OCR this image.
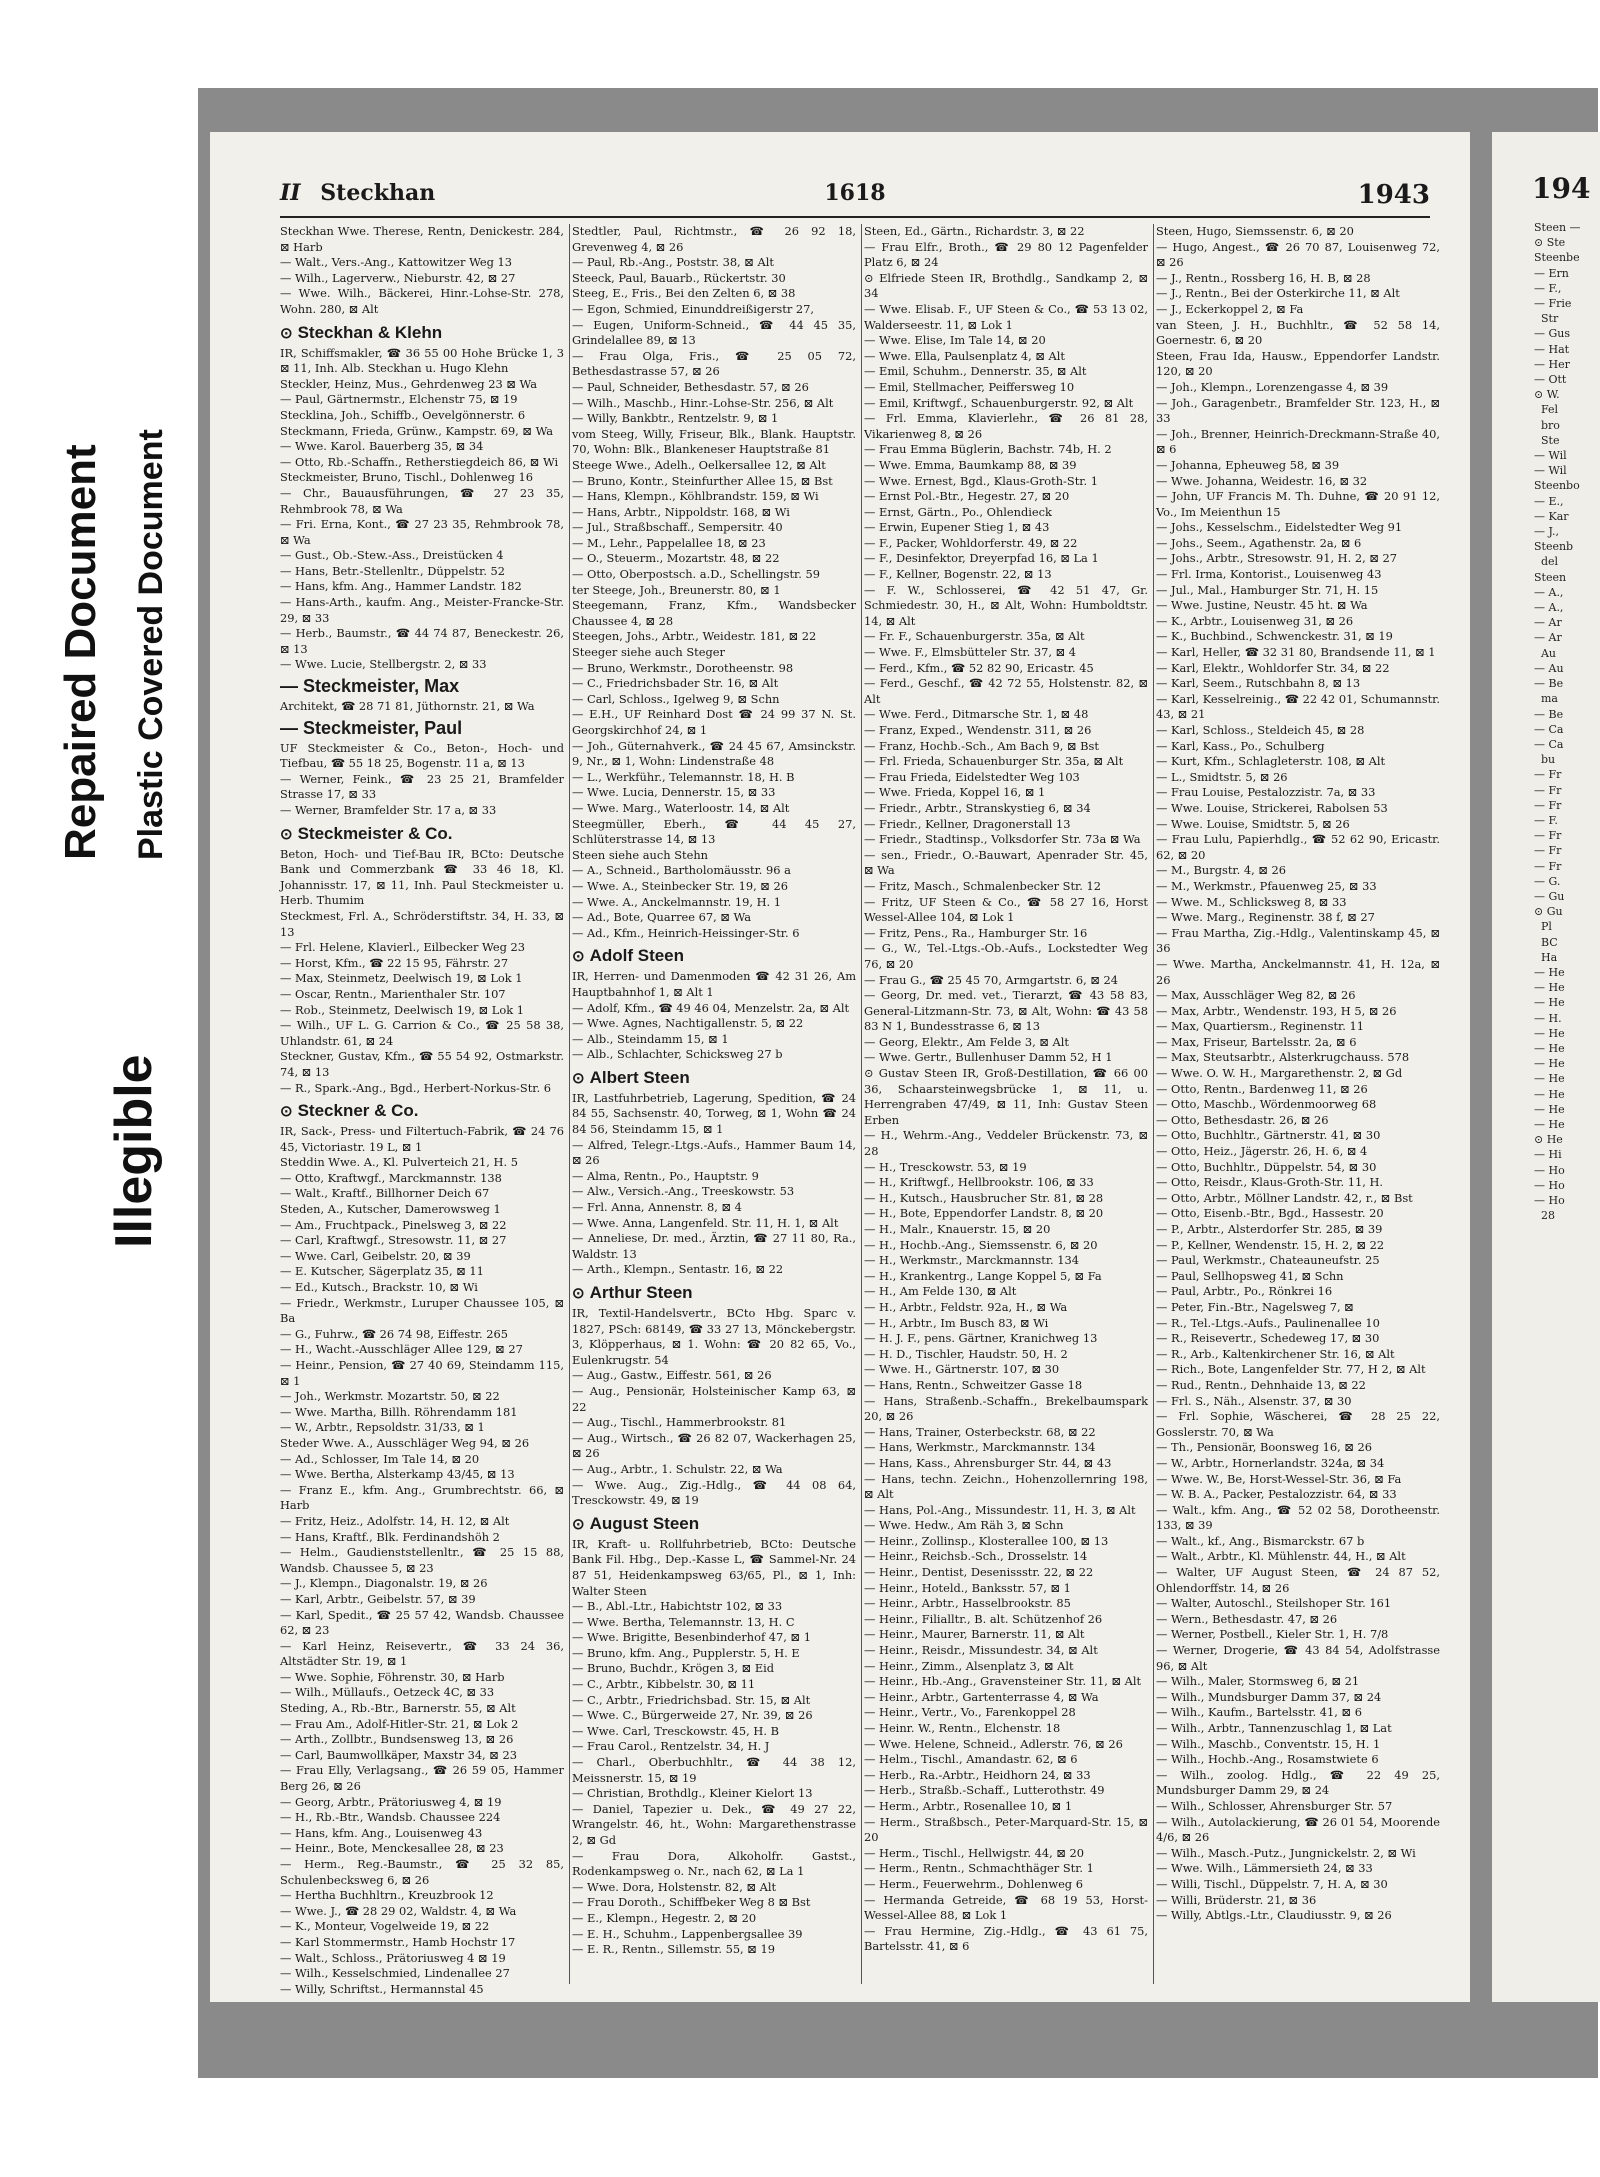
Repaired Document Plastic Covered Document
Illegible
II Steckhan	1618	1943

Steckhan Wwe. Therese, Rentn, Denickestr. 284, ⊠ Harb

— Walt., Vers.-Ang., Kattowitzer Weg 13

— Wilh., Lagerverw., Nieburstr. 42, ⊠ 27

— Wwe. Wilh., Bäckerei, Hinr.-Lohse-Str. 278, Wohn. 280, ⊠ Alt

⊙ Steckhan & Klehn

IR, Schiffsmakler, ☎ 36 55 00 Hohe Brücke 1, 3 ⊠ 11, Inh. Alb. Steckhan u. Hugo Klehn

Steckler, Heinz, Mus., Gehrdenweg 23 ⊠ Wa

— Paul, Gärtnermstr., Elchenstr 75, ⊠ 19

Stecklina, Joh., Schiffb., Oevelgönnerstr. 6

Steckmann, Frieda, Grünw., Kampstr. 69, ⊠ Wa

— Wwe. Karol. Bauerberg 35, ⊠ 34

— Otto, Rb.-Schaffn., Retherstiegdeich 86, ⊠ Wi

Steckmeister, Bruno, Tischl., Dohlenweg 16

— Chr., Bauausführungen, ☎ 27 23 35, Rehmbrook 78, ⊠ Wa

— Fri. Erna, Kont., ☎ 27 23 35, Rehmbrook 78, ⊠ Wa

— Gust., Ob.-Stew.-Ass., Dreistücken 4

— Hans, Betr.-Stellenltr., Düppelstr. 52

— Hans, kfm. Ang., Hammer Landstr. 182

— Hans-Arth., kaufm. Ang., Meister-Francke-Str. 29, ⊠ 33

— Herb., Baumstr., ☎ 44 74 87, Beneckestr. 26, ⊠ 13

— Wwe. Lucie, Stellbergstr. 2, ⊠ 33

— Steckmeister, Max

Architekt, ☎ 28 71 81, Jüthornstr. 21, ⊠ Wa

— Steckmeister, Paul

UF Steckmeister & Co., Beton-, Hoch- und Tiefbau, ☎ 55 18 25, Bogenstr. 11 a, ⊠ 13

— Werner, Feink., ☎ 23 25 21, Bramfelder Strasse 17, ⊠ 33

— Werner, Bramfelder Str. 17 a, ⊠ 33

⊙ Steckmeister & Co.

Beton, Hoch- und Tief-Bau IR, BCto: Deutsche Bank und Commerzbank ☎ 33 46 18, Kl. Johannisstr. 17, ⊠ 11, Inh. Paul Steckmeister u. Herb. Thumim

Steckmest, Frl. A., Schröderstiftstr. 34, H. 33, ⊠ 13

— Frl. Helene, Klavierl., Eilbecker Weg 23

— Horst, Kfm., ☎ 22 15 95, Fährstr. 27

— Max, Steinmetz, Deelwisch 19, ⊠ Lok 1

— Oscar, Rentn., Marienthaler Str. 107

— Rob., Steinmetz, Deelwisch 19, ⊠ Lok 1

— Wilh., UF L. G. Carrion & Co., ☎ 25 58 38, Uhlandstr. 61, ⊠ 24

Steckner, Gustav, Kfm., ☎ 55 54 92, Ostmarkstr. 74, ⊠ 13

— R., Spark.-Ang., Bgd., Herbert-Norkus-Str. 6

⊙ Steckner & Co.

IR, Sack-, Press- und Filtertuch-Fabrik, ☎ 24 76 45, Victoriastr. 19 L, ⊠ 1

Steddin Wwe. A., Kl. Pulverteich 21, H. 5

— Otto, Kraftwgf., Marckmannstr. 138

— Walt., Kraftf., Billhorner Deich 67

Steden, A., Kutscher, Damerowsweg 1

— Am., Fruchtpack., Pinelsweg 3, ⊠ 22

— Carl, Kraftwgf., Stresowstr. 11, ⊠ 27

— Wwe. Carl, Geibelstr. 20, ⊠ 39

— E. Kutscher, Sägerplatz 35, ⊠ 11

— Ed., Kutsch., Brackstr. 10, ⊠ Wi

— Friedr., Werkmstr., Luruper Chaussee 105, ⊠ Ba

— G., Fuhrw., ☎ 26 74 98, Eiffestr. 265

— H., Wacht.-Ausschläger Allee 129, ⊠ 27

— Heinr., Pension, ☎ 27 40 69, Steindamm 115, ⊠ 1

— Joh., Werkmstr. Mozartstr. 50, ⊠ 22

— Wwe. Martha, Billh. Röhrendamm 181

— W., Arbtr., Repsoldstr. 31/33, ⊠ 1

Steder Wwe. A., Ausschläger Weg 94, ⊠ 26

— Ad., Schlosser, Im Tale 14, ⊠ 20

— Wwe. Bertha, Alsterkamp 43/45, ⊠ 13

— Franz E., kfm. Ang., Grumbrechtstr. 66, ⊠ Harb

— Fritz, Heiz., Adolfstr. 14, H. 12, ⊠ Alt

— Hans, Kraftf., Blk. Ferdinandshöh 2

— Helm., Gaudienststellenltr., ☎ 25 15 88, Wandsb. Chaussee 5, ⊠ 23

— J., Klempn., Diagonalstr. 19, ⊠ 26

— Karl, Arbtr., Geibelstr. 57, ⊠ 39

— Karl, Spedit., ☎ 25 57 42, Wandsb. Chaussee 62, ⊠ 23

— Karl Heinz, Reisevertr., ☎ 33 24 36, Altstädter Str. 19, ⊠ 1

— Wwe. Sophie, Föhrenstr. 30, ⊠ Harb

— Wilh., Müllaufs., Oetzeck 4C, ⊠ 33

Steding, A., Rb.-Btr., Barnerstr. 55, ⊠ Alt

— Frau Am., Adolf-Hitler-Str. 21, ⊠ Lok 2

— Arth., Zollbtr., Bundsensweg 13, ⊠ 26

— Carl, Baumwollkäper, Maxstr 34, ⊠ 23

— Frau Elly, Verlagsang., ☎ 26 59 05, Hammer Berg 26, ⊠ 26

— Georg, Arbtr., Prätoriusweg 4, ⊠ 19

— H., Rb.-Btr., Wandsb. Chaussee 224

— Hans, kfm. Ang., Louisenweg 43

— Heinr., Bote, Menckesallee 28, ⊠ 23

— Herm., Reg.-Baumstr., ☎ 25 32 85, Schulenbecksweg 6, ⊠ 26

— Hertha Buchhltrn., Kreuzbrook 12

— Wwe. J., ☎ 28 29 02, Waldstr. 4, ⊠ Wa

— K., Monteur, Vogelweide 19, ⊠ 22

— Karl Stommermstr., Hamb Hochstr 17

— Walt., Schloss., Prätoriusweg 4 ⊠ 19

— Wilh., Kesselschmied, Lindenallee 27

— Willy, Schriftst., Hermannstal 45

Stedtler, Paul, Richtmstr., ☎ 26 92 18, Grevenweg 4, ⊠ 26

— Paul, Rb.-Ang., Poststr. 38, ⊠ Alt

Steeck, Paul, Bauarb., Rückertstr. 30

Steeg, E., Fris., Bei den Zelten 6, ⊠ 38

— Egon, Schmied, Einunddreißigerstr 27,

— Eugen, Uniform-Schneid., ☎ 44 45 35, Grindelallee 89, ⊠ 13

— Frau Olga, Fris., ☎ 25 05 72, Bethesdastrasse 57, ⊠ 26

— Paul, Schneider, Bethesdastr. 57, ⊠ 26

— Wilh., Maschb., Hinr.-Lohse-Str. 256, ⊠ Alt

— Willy, Bankbtr., Rentzelstr. 9, ⊠ 1

vom Steeg, Willy, Friseur, Blk., Blank. Hauptstr. 70, Wohn: Blk., Blankeneser Hauptstraße 81

Steege Wwe., Adelh., Oelkersallee 12, ⊠ Alt

— Bruno, Kontr., Steinfurther Allee 15, ⊠ Bst

— Hans, Klempn., Köhlbrandstr. 159, ⊠ Wi

— Hans, Arbtr., Nippoldstr. 168, ⊠ Wi

— Jul., Straßbschaff., Sempersitr. 40

— M., Lehr., Pappelallee 18, ⊠ 23

— O., Steuerm., Mozartstr. 48, ⊠ 22

— Otto, Oberpostsch. a.D., Schellingstr. 59

ter Steege, Joh., Breunerstr. 80, ⊠ 1

Steegemann, Franz, Kfm., Wandsbecker Chaussee 4, ⊠ 28

Steegen, Johs., Arbtr., Weidestr. 181, ⊠ 22

Steeger siehe auch Steger

— Bruno, Werkmstr., Dorotheenstr. 98

— C., Friedrichsbader Str. 16, ⊠ Alt

— Carl, Schloss., Igelweg 9, ⊠ Schn

— E.H., UF Reinhard Dost ☎ 24 99 37 N. St. Georgskirchhof 24, ⊠ 1

— Joh., Güternahverk., ☎ 24 45 67, Amsinckstr. 9, Nr., ⊠ 1, Wohn: Lindenstraße 48

— L., Werkführ., Telemannstr. 18, H. B

— Wwe. Lucia, Dennerstr. 15, ⊠ 33

— Wwe. Marg., Waterloostr. 14, ⊠ Alt

Steegmüller, Eberh., ☎ 44 45 27, Schlüterstrasse 14, ⊠ 13

Steen siehe auch Stehn

— A., Schneid., Bartholomäusstr. 96 a

— Wwe. A., Steinbecker Str. 19, ⊠ 26

— Wwe. A., Anckelmannstr. 19, H. 1

— Ad., Bote, Quarree 67, ⊠ Wa

— Ad., Kfm., Heinrich-Heissinger-Str. 6

⊙ Adolf Steen

IR, Herren- und Damenmoden ☎ 42 31 26, Am Hauptbahnhof 1, ⊠ Alt 1

— Adolf, Kfm., ☎ 49 46 04, Menzelstr. 2a, ⊠ Alt

— Wwe. Agnes, Nachtigallenstr. 5, ⊠ 22

— Alb., Steindamm 15, ⊠ 1

— Alb., Schlachter, Schicksweg 27 b

⊙ Albert Steen

IR, Lastfuhrbetrieb, Lagerung, Spedition, ☎ 24 84 55, Sachsenstr. 40, Torweg, ⊠ 1, Wohn ☎ 24 84 56, Steindamm 15, ⊠ 1

— Alfred, Telegr.-Ltgs.-Aufs., Hammer Baum 14, ⊠ 26

— Alma, Rentn., Po., Hauptstr. 9

— Alw., Versich.-Ang., Treeskowstr. 53

— Frl. Anna, Annenstr. 8, ⊠ 4

— Wwe. Anna, Langenfeld. Str. 11, H. 1, ⊠ Alt

— Anneliese, Dr. med., Ärztin, ☎ 27 11 80, Ra., Waldstr. 13

— Arth., Klempn., Sentastr. 16, ⊠ 22

⊙ Arthur Steen

IR, Textil-Handelsvertr., BCto Hbg. Sparc v. 1827, PSch: 68149, ☎ 33 27 13, Mönckebergstr. 3, Klöpperhaus, ⊠ 1. Wohn: ☎ 20 82 65, Vo., Eulenkrugstr. 54

— Aug., Gastw., Eiffestr. 561, ⊠ 26

— Aug., Pensionär, Holsteinischer Kamp 63, ⊠ 22

— Aug., Tischl., Hammerbrookstr. 81

— Aug., Wirtsch., ☎ 26 82 07, Wackerhagen 25, ⊠ 26

— Aug., Arbtr., 1. Schulstr. 22, ⊠ Wa

— Wwe. Aug., Zig.-Hdlg., ☎ 44 08 64, Tresckowstr. 49, ⊠ 19

⊙ August Steen

IR, Kraft- u. Rollfuhrbetrieb, BCto: Deutsche Bank Fil. Hbg., Dep.-Kasse L, ☎ Sammel-Nr. 24 87 51, Heidenkampsweg 63/65, Pl., ⊠ 1, Inh: Walter Steen

— B., Abl.-Ltr., Habichtstr 102, ⊠ 33

— Wwe. Bertha, Telemannstr. 13, H. C

— Wwe. Brigitte, Besenbinderhof 47, ⊠ 1

— Bruno, kfm. Ang., Pupplerstr. 5, H. E

— Bruno, Buchdr., Krögen 3, ⊠ Eid

— C., Arbtr., Kibbelstr. 30, ⊠ 11

— C., Arbtr., Friedrichsbad. Str. 15, ⊠ Alt

— Wwe. C., Bürgerweide 27, Nr. 39, ⊠ 26

— Wwe. Carl, Tresckowstr. 45, H. B

— Frau Carol., Rentzelstr. 34, H. J

— Charl., Oberbuchhltr., ☎ 44 38 12, Meissnerstr. 15, ⊠ 19

— Christian, Brothdlg., Kleiner Kielort 13

— Daniel, Tapezier u. Dek., ☎ 49 27 22, Wrangelstr. 46, ht., Wohn: Margarethenstrasse 2, ⊠ Gd

— Frau Dora, Alkoholfr. Gastst., Rodenkampsweg o. Nr., nach 62, ⊠ La 1

— Wwe. Dora, Holstenstr. 82, ⊠ Alt

— Frau Doroth., Schiffbeker Weg 8 ⊠ Bst

— E., Klempn., Hegestr. 2, ⊠ 20

— E. H., Schuhm., Lappenbergsallee 39

— E. R., Rentn., Sillemstr. 55, ⊠ 19

Steen, Ed., Gärtn., Richardstr. 3, ⊠ 22

— Frau Elfr., Broth., ☎ 29 80 12 Pagenfelder Platz 6, ⊠ 24

⊙ Elfriede Steen IR, Brothdlg., Sandkamp 2, ⊠ 34

— Wwe. Elisab. F., UF Steen & Co., ☎ 53 13 02, Walderseestr. 11, ⊠ Lok 1

— Wwe. Elise, Im Tale 14, ⊠ 20

— Wwe. Ella, Paulsenplatz 4, ⊠ Alt

— Emil, Schuhm., Dennerstr. 35, ⊠ Alt

— Emil, Stellmacher, Peiffersweg 10

— Emil, Kriftwgf., Schauenburgerstr. 92, ⊠ Alt

— Frl. Emma, Klavierlehr., ☎ 26 81 28, Vikarienweg 8, ⊠ 26

— Frau Emma Büglerin, Bachstr. 74b, H. 2

— Wwe. Emma, Baumkamp 88, ⊠ 39

— Wwe. Ernest, Bgd., Klaus-Groth-Str. 1

— Ernst Pol.-Btr., Hegestr. 27, ⊠ 20

— Ernst, Gärtn., Po., Ohlendieck

— Erwin, Eupener Stieg 1, ⊠ 43

— F., Packer, Wohldorferstr. 49, ⊠ 22

— F., Desinfektor, Dreyerpfad 16, ⊠ La 1

— F., Kellner, Bogenstr. 22, ⊠ 13

— F. W., Schlosserei, ☎ 42 51 47, Gr. Schmiedestr. 30, H., ⊠ Alt, Wohn: Humboldtstr. 14, ⊠ Alt

— Fr. F., Schauenburgerstr. 35a, ⊠ Alt

— Wwe. F., Elmsbütteler Str. 37, ⊠ 4

— Ferd., Kfm., ☎ 52 82 90, Ericastr. 45

— Ferd., Geschf., ☎ 42 72 55, Holstenstr. 82, ⊠ Alt

— Wwe. Ferd., Ditmarsche Str. 1, ⊠ 48

— Franz, Exped., Wendenstr. 311, ⊠ 26

— Franz, Hochb.-Sch., Am Bach 9, ⊠ Bst

— Frl. Frieda, Schauenburger Str. 35a, ⊠ Alt

— Frau Frieda, Eidelstedter Weg 103

— Wwe. Frieda, Koppel 16, ⊠ 1

— Friedr., Arbtr., Stranskystieg 6, ⊠ 34

— Friedr., Kellner, Dragonerstall 13

— Friedr., Stadtinsp., Volksdorfer Str. 73a ⊠ Wa

— sen., Friedr., O.-Bauwart, Apenrader Str. 45, ⊠ Wa

— Fritz, Masch., Schmalenbecker Str. 12

— Fritz, UF Steen & Co., ☎ 58 27 16, Horst Wessel-Allee 104, ⊠ Lok 1

— Fritz, Pens., Ra., Hamburger Str. 16

— G., W., Tel.-Ltgs.-Ob.-Aufs., Lockstedter Weg 76, ⊠ 20

— Frau G., ☎ 25 45 70, Armgartstr. 6, ⊠ 24

— Georg, Dr. med. vet., Tierarzt, ☎ 43 58 83, General-Litzmann-Str. 73, ⊠ Alt, Wohn: ☎ 43 58 83 N 1, Bundesstrasse 6, ⊠ 13

— Georg, Elektr., Am Felde 3, ⊠ Alt

— Wwe. Gertr., Bullenhuser Damm 52, H 1

⊙ Gustav Steen IR, Groß-Destillation, ☎ 66 00 36, Schaarsteinwegsbrücke 1, ⊠ 11, u. Herrengraben 47/49, ⊠ 11, Inh: Gustav Steen Erben

— H., Wehrm.-Ang., Veddeler Brückenstr. 73, ⊠ 28

— H., Tresckowstr. 53, ⊠ 19

— H., Kriftwgf., Hellbrookstr. 106, ⊠ 33

— H., Kutsch., Hausbrucher Str. 81, ⊠ 28

— H., Bote, Eppendorfer Landstr. 8, ⊠ 20

— H., Malr., Knauerstr. 15, ⊠ 20

— H., Hochb.-Ang., Siemssenstr. 6, ⊠ 20

— H., Werkmstr., Marckmannstr. 134

— H., Krankentrg., Lange Koppel 5, ⊠ Fa

— H., Am Felde 130, ⊠ Alt

— H., Arbtr., Feldstr. 92a, H., ⊠ Wa

— H., Arbtr., Im Busch 83, ⊠ Wi

— H. J. F., pens. Gärtner, Kranichweg 13

— H. D., Tischler, Haudstr. 50, H. 2

— Wwe. H., Gärtnerstr. 107, ⊠ 30

— Hans, Rentn., Schweitzer Gasse 18

— Hans, Straßenb.-Schaffn., Brekelbaumspark 20, ⊠ 26

— Hans, Trainer, Osterbeckstr. 68, ⊠ 22

— Hans, Werkmstr., Marckmannstr. 134

— Hans, Kass., Ahrensburger Str. 44, ⊠ 43

— Hans, techn. Zeichn., Hohenzollernring 198, ⊠ Alt

— Hans, Pol.-Ang., Missundestr. 11, H. 3, ⊠ Alt

— Wwe. Hedw., Am Räh 3, ⊠ Schn

— Heinr., Zollinsp., Klosterallee 100, ⊠ 13

— Heinr., Reichsb.-Sch., Drosselstr. 14

— Heinr., Dentist, Desenissstr. 22, ⊠ 22

— Heinr., Hoteld., Banksstr. 57, ⊠ 1

— Heinr., Arbtr., Hasselbrookstr. 85

— Heinr., Filialltr., B. alt. Schützenhof 26

— Heinr., Maurer, Barnerstr. 11, ⊠ Alt

— Heinr., Reisdr., Missundestr. 34, ⊠ Alt

— Heinr., Zimm., Alsenplatz 3, ⊠ Alt

— Heinr., Hb.-Ang., Gravensteiner Str. 11, ⊠ Alt

— Heinr., Arbtr., Gartenterrasse 4, ⊠ Wa

— Heinr., Vertr., Vo., Farenkoppel 28

— Heinr. W., Rentn., Elchenstr. 18

— Wwe. Helene, Schneid., Adlerstr. 76, ⊠ 26

— Helm., Tischl., Amandastr. 62, ⊠ 6

— Herb., Ra.-Arbtr., Heidhorn 24, ⊠ 33

— Herb., Straßb.-Schaff., Lutterothstr. 49

— Herm., Arbtr., Rosenallee 10, ⊠ 1

— Herm., Straßbsch., Peter-Marquard-Str. 15, ⊠ 20

— Herm., Tischl., Hellwigstr. 44, ⊠ 20

— Herm., Rentn., Schmachthäger Str. 1

— Herm., Feuerwehrm., Dohlenweg 6

— Hermanda Getreide, ☎ 68 19 53, Horst-Wessel-Allee 88, ⊠ Lok 1

— Frau Hermine, Zig.-Hdlg., ☎ 43 61 75, Bartelsstr. 41, ⊠ 6

Steen, Hugo, Siemssenstr. 6, ⊠ 20

— Hugo, Angest., ☎ 26 70 87, Louisenweg 72, ⊠ 26

— J., Rentn., Rossberg 16, H. B, ⊠ 28

— J., Rentn., Bei der Osterkirche 11, ⊠ Alt

— J., Eckerkoppel 2, ⊠ Fa

van Steen, J. H., Buchhltr., ☎ 52 58 14, Goernestr. 6, ⊠ 20

Steen, Frau Ida, Hausw., Eppendorfer Landstr. 120, ⊠ 20

— Joh., Klempn., Lorenzengasse 4, ⊠ 39

— Joh., Garagenbetr., Bramfelder Str. 123, H., ⊠ 33

— Joh., Brenner, Heinrich-Dreckmann-Straße 40, ⊠ 6

— Johanna, Epheuweg 58, ⊠ 39

— Wwe. Johanna, Weidestr. 16, ⊠ 32

— John, UF Francis M. Th. Duhne, ☎ 20 91 12, Vo., Im Meienthun 15

— Johs., Kesselschm., Eidelstedter Weg 91

— Johs., Seem., Agathenstr. 2a, ⊠ 6

— Johs., Arbtr., Stresowstr. 91, H. 2, ⊠ 27

— Frl. Irma, Kontorist., Louisenweg 43

— Jul., Mal., Hamburger Str. 71, H. 15

— Wwe. Justine, Neustr. 45 ht. ⊠ Wa

— K., Arbtr., Louisenweg 31, ⊠ 26

— K., Buchbind., Schwenckestr. 31, ⊠ 19

— Karl, Heller, ☎ 32 31 80, Brandsende 11, ⊠ 1

— Karl, Elektr., Wohldorfer Str. 34, ⊠ 22

— Karl, Seem., Rutschbahn 8, ⊠ 13

— Karl, Kesselreinig., ☎ 22 42 01, Schumannstr. 43, ⊠ 21

— Karl, Schloss., Steldeich 45, ⊠ 28

— Karl, Kass., Po., Schulberg

— Kurt, Kfm., Schlagleterstr. 108, ⊠ Alt

— L., Smidtstr. 5, ⊠ 26

— Frau Louise, Pestalozzistr. 7a, ⊠ 33

— Wwe. Louise, Strickerei, Rabolsen 53

— Wwe. Louise, Smidtstr. 5, ⊠ 26

— Frau Lulu, Papierhdlg., ☎ 52 62 90, Ericastr. 62, ⊠ 20

— M., Burgstr. 4, ⊠ 26

— M., Werkmstr., Pfauenweg 25, ⊠ 33

— Wwe. M., Schlicksweg 8, ⊠ 33

— Wwe. Marg., Reginenstr. 38 f, ⊠ 27

— Frau Martha, Zig.-Hdlg., Valentinskamp 45, ⊠ 36

— Wwe. Martha, Anckelmannstr. 41, H. 12a, ⊠ 26

— Max, Ausschläger Weg 82, ⊠ 26

— Max, Arbtr., Wendenstr. 193, H 5, ⊠ 26

— Max, Quartiersm., Reginenstr. 11

— Max, Friseur, Bartelsstr. 2a, ⊠ 6

— Max, Steutsarbtr., Alsterkrugchauss. 578

— Wwe. O. W. H., Margarethenstr. 2, ⊠ Gd

— Otto, Rentn., Bardenweg 11, ⊠ 26

— Otto, Maschb., Wördenmoorweg 68

— Otto, Bethesdastr. 26, ⊠ 26

— Otto, Buchhltr., Gärtnerstr. 41, ⊠ 30

— Otto, Heiz., Jägerstr. 26, H. 6, ⊠ 4

— Otto, Buchhltr., Düppelstr. 54, ⊠ 30

— Otto, Reisdr., Klaus-Groth-Str. 11, H.

— Otto, Arbtr., Möllner Landstr. 42, r., ⊠ Bst

— Otto, Eisenb.-Btr., Bgd., Hassestr. 20

— P., Arbtr., Alsterdorfer Str. 285, ⊠ 39

— P., Kellner, Wendenstr. 15, H. 2, ⊠ 22

— Paul, Werkmstr., Chateauneufstr. 25

— Paul, Sellhopsweg 41, ⊠ Schn

— Paul, Arbtr., Po., Rönkrei 16

— Peter, Fin.-Btr., Nagelsweg 7, ⊠

— R., Tel.-Ltgs.-Aufs., Paulinenallee 10

— R., Reisevertr., Schedeweg 17, ⊠ 30

— R., Arb., Kaltenkirchener Str. 16, ⊠ Alt

— Rich., Bote, Langenfelder Str. 77, H 2, ⊠ Alt

— Rud., Rentn., Dehnhaide 13, ⊠ 22

— Frl. S., Näh., Alsenstr. 37, ⊠ 30

— Frl. Sophie, Wäscherei, ☎ 28 25 22, Gosslerstr. 70, ⊠ Wa

— Th., Pensionär, Boonsweg 16, ⊠ 26

— W., Arbtr., Hornerlandstr. 324a, ⊠ 34

— Wwe. W., Be, Horst-Wessel-Str. 36, ⊠ Fa

— W. B. A., Packer, Pestalozzistr. 64, ⊠ 33

— Walt., kfm. Ang., ☎ 52 02 58, Dorotheenstr. 133, ⊠ 39

— Walt., kf., Ang., Bismarckstr. 67 b

— Walt., Arbtr., Kl. Mühlenstr. 44, H., ⊠ Alt

— Walter, UF August Steen, ☎ 24 87 52, Ohlendorffstr. 14, ⊠ 26

— Walter, Autoschl., Steilshoper Str. 161

— Wern., Bethesdastr. 47, ⊠ 26

— Werner, Postbell., Kieler Str. 1, H. 7/8

— Werner, Drogerie, ☎ 43 84 54, Adolfstrasse 96, ⊠ Alt

— Wilh., Maler, Stormsweg 6, ⊠ 21

— Wilh., Mundsburger Damm 37, ⊠ 24

— Wilh., Kaufm., Bartelsstr. 41, ⊠ 6

— Wilh., Arbtr., Tannenzuschlag 1, ⊠ Lat

— Wilh., Maschb., Conventstr. 15, H. 1

— Wilh., Hochb.-Ang., Rosamstwiete 6

— Wilh., zoolog. Hdlg., ☎ 22 49 25, Mundsburger Damm 29, ⊠ 24

— Wilh., Schlosser, Ahrensburger Str. 57

— Wilh., Autolackierung, ☎ 26 01 54, Moorende 4/6, ⊠ 26

— Wilh., Masch.-Putz., Jungnickelstr. 2, ⊠ Wi

— Wwe. Wilh., Lämmersieth 24, ⊠ 33

— Willi, Tischl., Düppelstr. 7, H. A, ⊠ 30

— Willi, Brüderstr. 21, ⊠ 36

— Willy, Abtlgs.-Ltr., Claudiusstr. 9, ⊠ 26

194
Steen —
⊙ Ste
Steenbe
— Ern
— F.,
— Frie
Str
— Gus
— Hat
— Her
— Ott
⊙ W.
Fel
bro
Ste
— Wil
— Wil
Steenbo
— E.,
— Kar
— J.,
Steenb
del
Steen
— A.,
— A.,
— Ar
— Ar
Au
— Au
— Be
ma
— Be
— Ca
— Ca
bu
— Fr
— Fr
— Fr
— F.
— Fr
— Fr
— Fr
— G.
— Gu
⊙ Gu
Pl
BC
Ha
— He
— He
— He
— H.
— He
— He
— He
— He
— He
— He
— He
⊙ He
— Hi
— Ho
— Ho
— Ho
28
